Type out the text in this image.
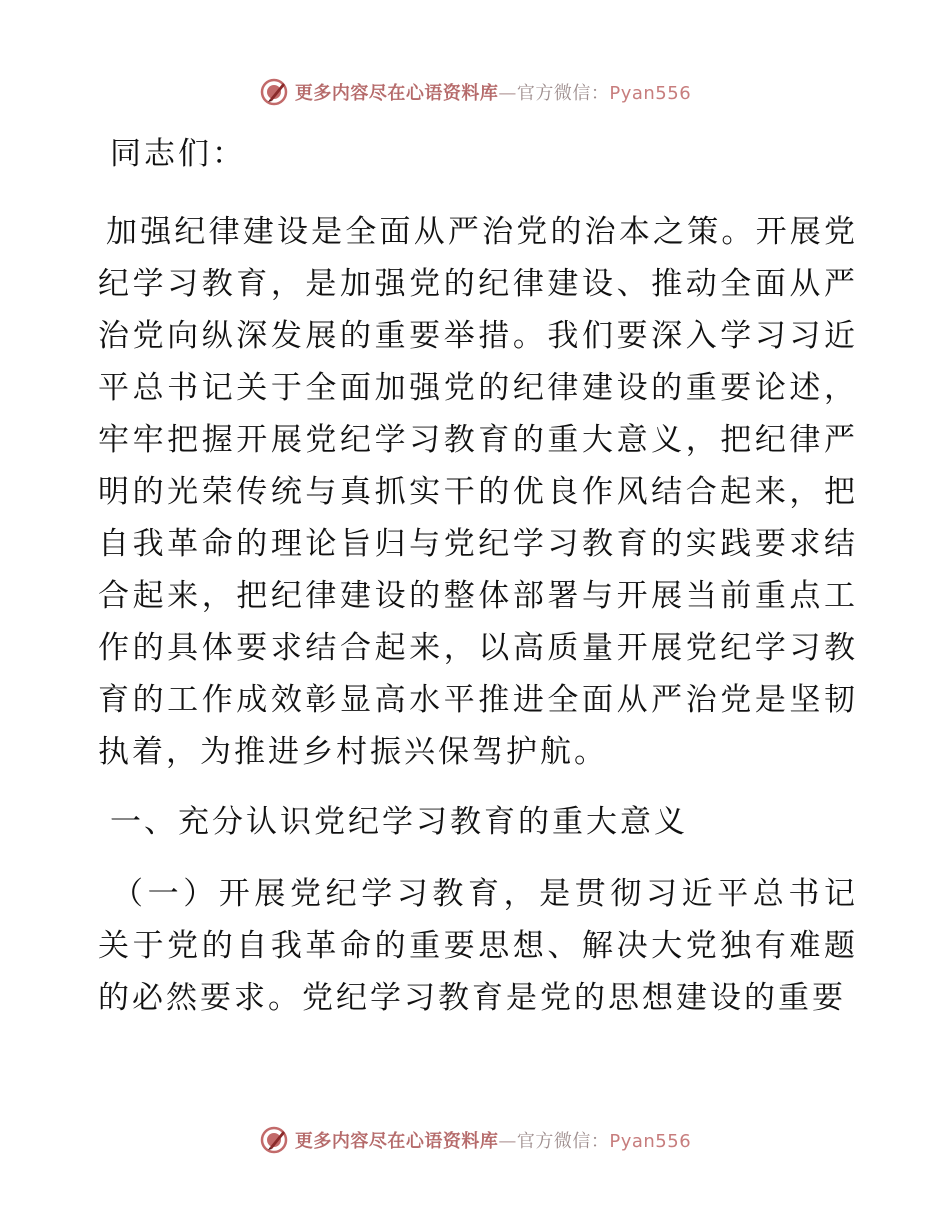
更多内容尽在心语资料库—官方微信：Pyan556

同志们：

加强纪律建设是全面从严治党的治本之策。开展党纪学习教育，是加强党的纪律建设、推动全面从严治党向纵深发展的重要举措。我们要深入学习习近平总书记关于全面加强党的纪律建设的重要论述，牢牢把握开展党纪学习教育的重大意义，把纪律严明的光荣传统与真抓实干的优良作风结合起来，把自我革命的理论旨归与党纪学习教育的实践要求结合起来，把纪律建设的整体部署与开展当前重点工作的具体要求结合起来，以高质量开展党纪学习教育的工作成效彰显高水平推进全面从严治党是坚韧执着，为推进乡村振兴保驾护航。

一、充分认识党纪学习教育的重大意义

（一）开展党纪学习教育，是贯彻习近平总书记关于党的自我革命的重要思想、解决大党独有难题的必然要求。党纪学习教育是党的思想建设的重要

更多内容尽在心语资料库—官方微信：Pyan556
